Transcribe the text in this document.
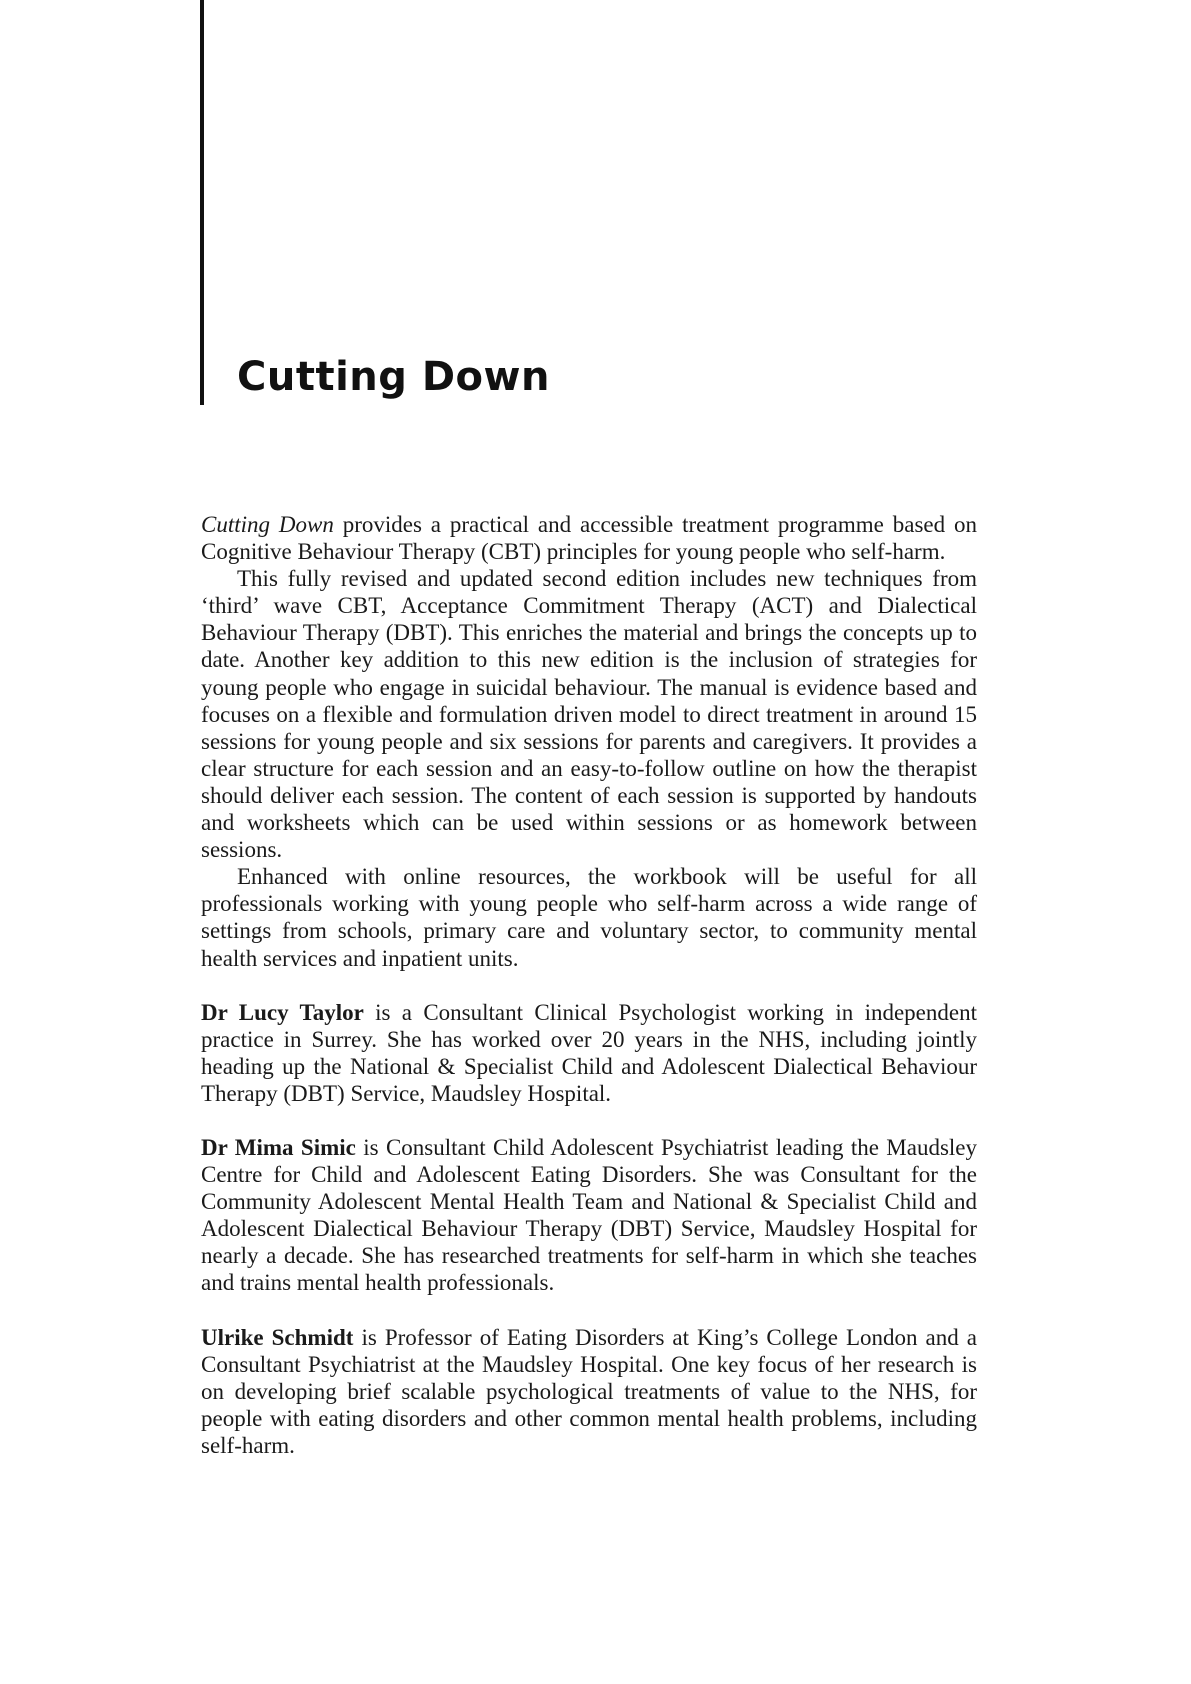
Cutting Down

Cutting Down provides a practical and accessible treatment programme based on Cognitive Behaviour Therapy (CBT) principles for young people who self-harm.

This fully revised and updated second edition includes new techniques from ‘third’ wave CBT, Acceptance Commitment Therapy (ACT) and Dialectical Behaviour Therapy (DBT). This enriches the material and brings the concepts up to date. Another key addition to this new edition is the inclusion of strategies for young people who engage in suicidal behaviour. The manual is evidence based and focuses on a flexible and formulation driven model to direct treatment in around 15 sessions for young people and six sessions for parents and caregivers. It provides a clear structure for each session and an easy-to-follow outline on how the therapist should deliver each session. The content of each session is supported by handouts and worksheets which can be used within sessions or as homework between sessions.

Enhanced with online resources, the workbook will be useful for all professionals working with young people who self-harm across a wide range of settings from schools, primary care and voluntary sector, to community mental health services and inpatient units.

Dr Lucy Taylor is a Consultant Clinical Psychologist working in independent practice in Surrey. She has worked over 20 years in the NHS, including jointly heading up the National & Specialist Child and Adolescent Dialectical Behaviour Therapy (DBT) Service, Maudsley Hospital.

Dr Mima Simic is Consultant Child Adolescent Psychiatrist leading the Maudsley Centre for Child and Adolescent Eating Disorders. She was Consultant for the Community Adolescent Mental Health Team and National & Specialist Child and Adolescent Dialectical Behaviour Therapy (DBT) Service, Maudsley Hospital for nearly a decade. She has researched treatments for self-harm in which she teaches and trains mental health professionals.

Ulrike Schmidt is Professor of Eating Disorders at King’s College London and a Consultant Psychiatrist at the Maudsley Hospital. One key focus of her research is on developing brief scalable psychological treatments of value to the NHS, for people with eating disorders and other common mental health problems, including self-harm.
